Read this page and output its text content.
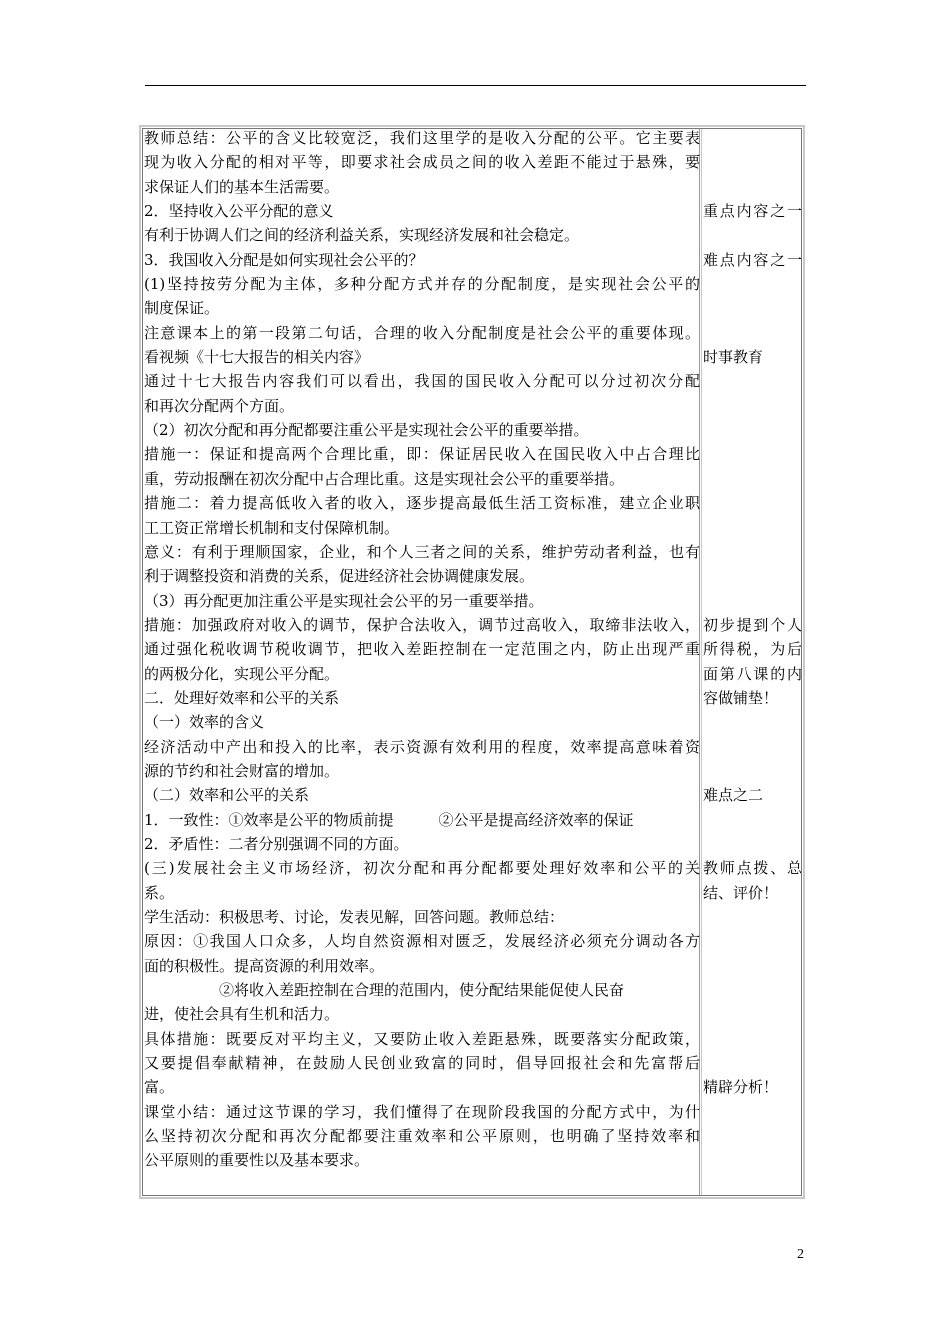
教师总结：公平的含义比较宽泛，我们这里学的是收入分配的公平。它主要表
现为收入分配的相对平等，即要求社会成员之间的收入差距不能过于悬殊，要
求保证人们的基本生活需要。
2．坚持收入公平分配的意义
有利于协调人们之间的经济利益关系，实现经济发展和社会稳定。
3．我国收入分配是如何实现社会公平的？
(1)坚持按劳分配为主体，多种分配方式并存的分配制度，是实现社会公平的
制度保证。
注意课本上的第一段第二句话，合理的收入分配制度是社会公平的重要体现。
看视频《十七大报告的相关内容》
通过十七大报告内容我们可以看出，我国的国民收入分配可以分过初次分配
和再次分配两个方面。
（2）初次分配和再分配都要注重公平是实现社会公平的重要举措。
措施一：保证和提高两个合理比重，即：保证居民收入在国民收入中占合理比
重，劳动报酬在初次分配中占合理比重。这是实现社会公平的重要举措。
措施二：着力提高低收入者的收入，逐步提高最低生活工资标准，建立企业职
工工资正常增长机制和支付保障机制。
意义：有利于理顺国家，企业，和个人三者之间的关系，维护劳动者利益，也有
利于调整投资和消费的关系，促进经济社会协调健康发展。
（3）再分配更加注重公平是实现社会公平的另一重要举措。
措施：加强政府对收入的调节，保护合法收入，调节过高收入，取缔非法收入，
通过强化税收调节税收调节，把收入差距控制在一定范围之内，防止出现严重
的两极分化，实现公平分配。
二．处理好效率和公平的关系
（一）效率的含义
经济活动中产出和投入的比率，表示资源有效利用的程度，效率提高意味着资
源的节约和社会财富的增加。
（二）效率和公平的关系
1．一致性：①效率是公平的物质前提　　　②公平是提高经济效率的保证
2．矛盾性：二者分别强调不同的方面。
(三)发展社会主义市场经济，初次分配和再分配都要处理好效率和公平的关
系。
学生活动：积极思考、讨论，发表见解，回答问题。教师总结：
原因：①我国人口众多，人均自然资源相对匮乏，发展经济必须充分调动各方
面的积极性。提高资源的利用效率。
　　　　　②将收入差距控制在合理的范围内，使分配结果能促使人民奋
进，使社会具有生机和活力。
具体措施：既要反对平均主义，又要防止收入差距悬殊，既要落实分配政策，
又要提倡奉献精神，在鼓励人民创业致富的同时，倡导回报社会和先富帮后
富。
课堂小结：通过这节课的学习，我们懂得了在现阶段我国的分配方式中，为什
么坚持初次分配和再次分配都要注重效率和公平原则，也明确了坚持效率和
公平原则的重要性以及基本要求。
重点内容之一
难点内容之一
时事教育
初步提到个人
所得税，为后
面第八课的内
容做铺垫！
难点之二
教师点拨、总
结、评价！
精辟分析！
2
